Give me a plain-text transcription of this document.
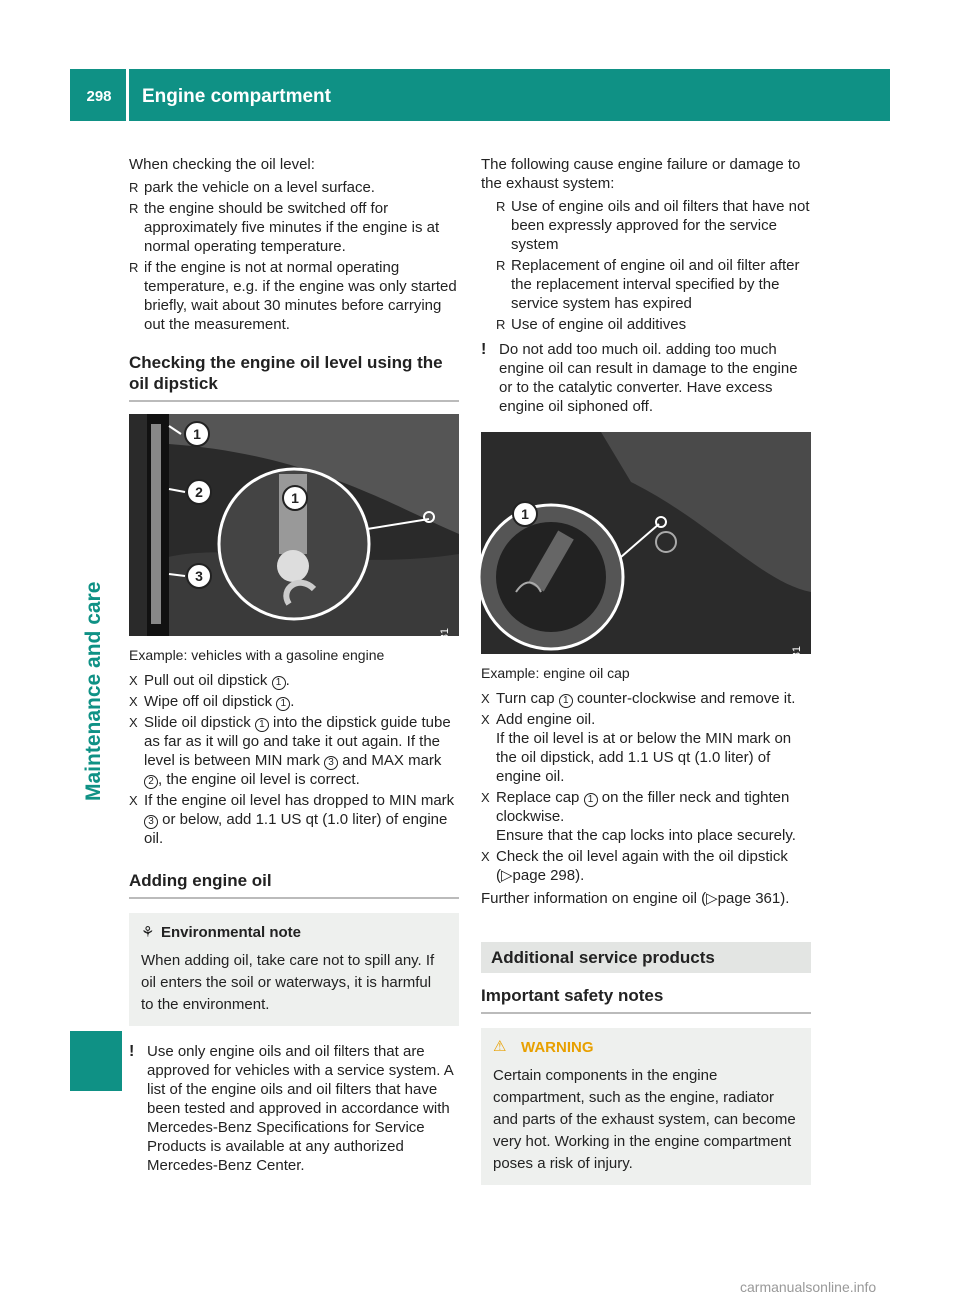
298	Engine compartment
Maintenance and care

When checking the oil level:

R park the vehicle on a level surface.
R the engine should be switched off for approximately five minutes if the engine is at normal operating temperature.
R if the engine is not at normal operating temperature, e.g. if the engine was only started briefly, wait about 30 minutes before carrying out the measurement.
Checking the engine oil level using the oil dipstick
1
2
3
1
P18.40-2443-31

Example: vehicles with a gasoline engine

X Pull out oil dipstick 1 .
X Wipe off oil dipstick 1 .
X Slide oil dipstick 1 into the dipstick guide tube as far as it will go and take it out again. If the level is between MIN mark 3 and MAX mark 2 , the engine oil level is correct.
X If the engine oil level has dropped to MIN mark 3 or below, add 1.1 US qt (1.0 liter) of engine oil.
Adding engine oil
⚘ Environmental note

When adding oil, take care not to spill any. If oil enters the soil or waterways, it is harmful to the environment.

! Use only engine oils and oil filters that are approved for vehicles with a service system. A list of the engine oils and oil filters that have been tested and approved in accordance with Mercedes-Benz Specifications for Service Products is available at any authorized Mercedes-Benz Center.

The following cause engine failure or damage to the exhaust system:

R Use of engine oils and oil filters that have not been expressly approved for the service system
R Replacement of engine oil and oil filter after the replacement interval specified by the service system has expired
R Use of engine oil additives
! Do not add too much oil. adding too much engine oil can result in damage to the engine or to the catalytic converter. Have excess engine oil siphoned off.
1
P01.00-3525-31

Example: engine oil cap

X Turn cap 1 counter-clockwise and remove it.
X Add engine oil.
If the oil level is at or below the MIN mark on the oil dipstick, add 1.1 US qt (1.0 liter) of engine oil.
X Replace cap 1 on the filler neck and tighten clockwise.
Ensure that the cap locks into place securely.
X Check the oil level again with the oil dipstick (▷page 298).

Further information on engine oil (▷page 361).

Additional service products
Important safety notes
⚠ WARNING

Certain components in the engine compartment, such as the engine, radiator and parts of the exhaust system, can become very hot. Working in the engine compartment poses a risk of injury.

carmanualsonline.info
